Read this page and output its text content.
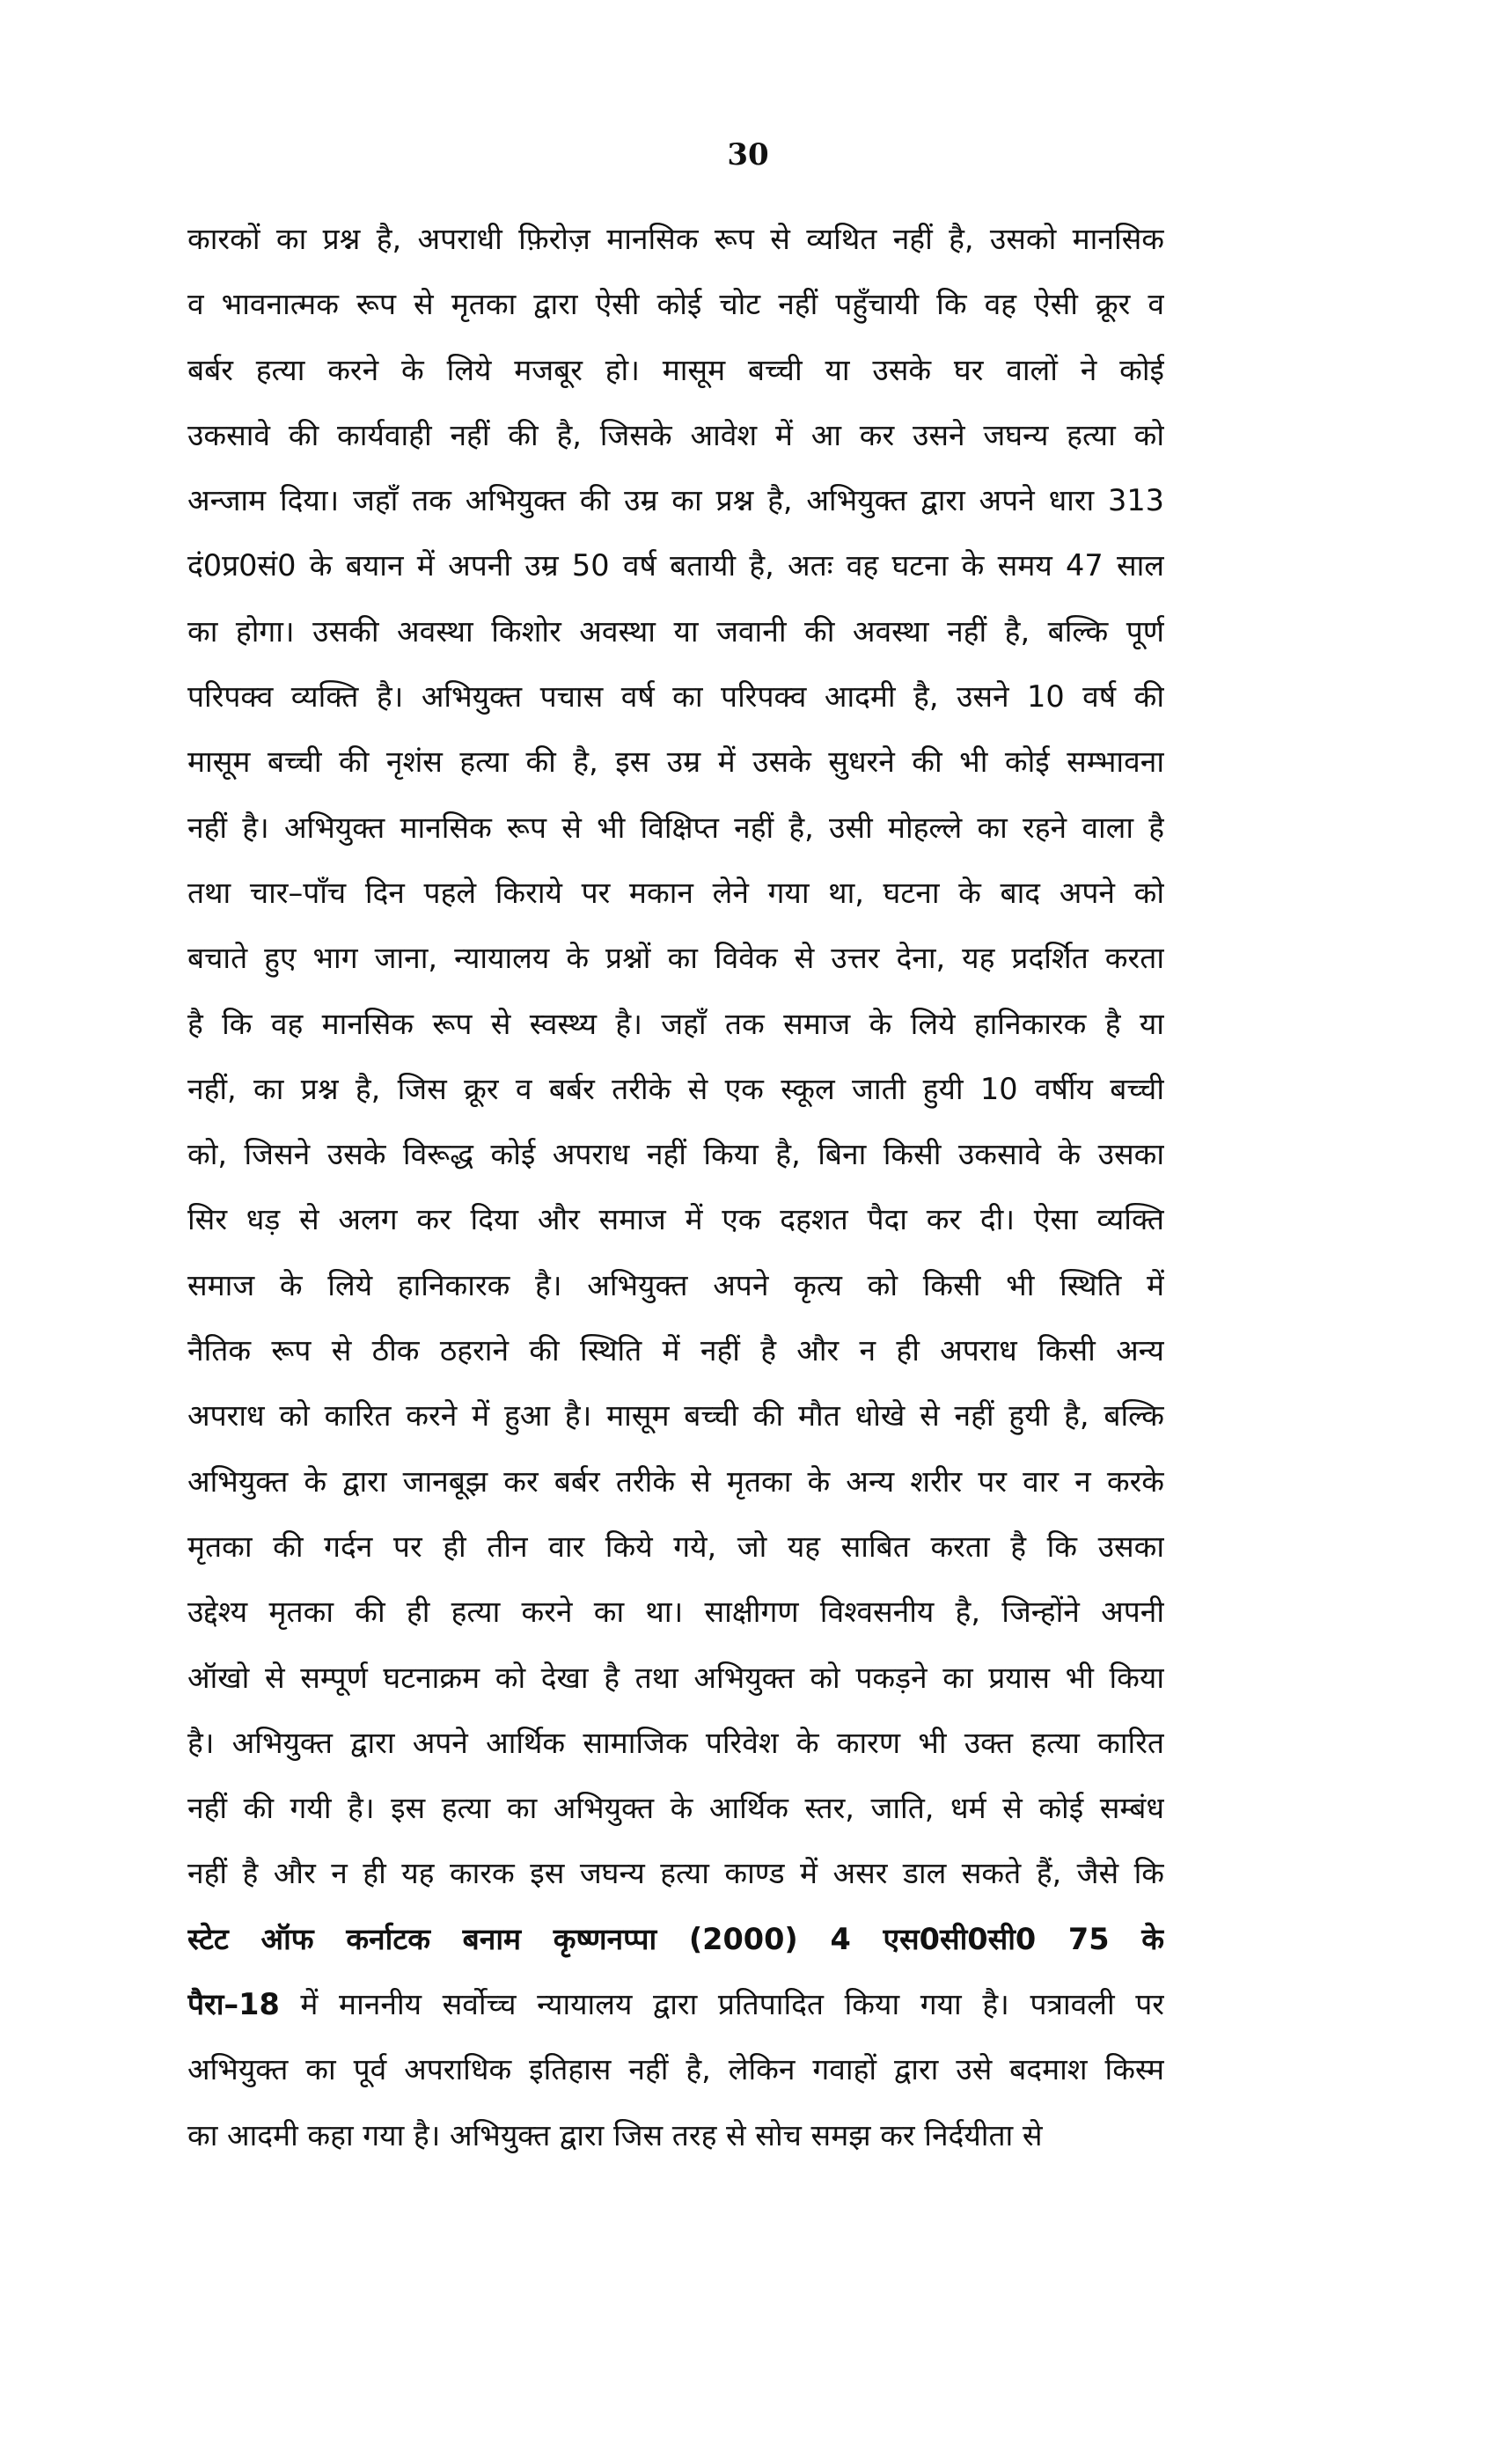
30
कारकों का प्रश्न है, अपराधी फ़िरोज़ मानसिक रूप से व्यथित नहीं है, उसको मानसिक
व भावनात्मक रूप से मृतका द्वारा ऐसी कोई चोट नहीं पहुँचायी कि वह ऐसी क्रूर व
बर्बर हत्या करने के लिये मजबूर हो। मासूम बच्ची या उसके घर वालों ने कोई
उकसावे की कार्यवाही नहीं की है, जिसके आवेश में आ कर उसने जघन्य हत्या को
अन्जाम दिया। जहॉं तक अभियुक्त की उम्र का प्रश्न है, अभियुक्त द्वारा अपने धारा 313
दं0प्र0सं0 के बयान में अपनी उम्र 50 वर्ष बतायी है, अतः वह घटना के समय 47 साल
का होगा। उसकी अवस्था किशोर अवस्था या जवानी की अवस्था नहीं है, बल्कि पूर्ण
परिपक्व व्यक्ति है। अभियुक्त पचास वर्ष का परिपक्व आदमी है, उसने 10 वर्ष की
मासूम बच्ची की नृशंस हत्या की है, इस उम्र में उसके सुधरने की भी कोई सम्भावना
नहीं है। अभियुक्त मानसिक रूप से भी विक्षिप्त नहीं है, उसी मोहल्ले का रहने वाला है
तथा चार–पॉंच दिन पहले किराये पर मकान लेने गया था, घटना के बाद अपने को
बचाते हुए भाग जाना, न्यायालय के प्रश्नों का विवेक से उत्तर देना, यह प्रदर्शित करता
है कि वह मानसिक रूप से स्वस्थ्य है। जहॉं तक समाज के लिये हानिकारक है या
नहीं, का प्रश्न है, जिस क्रूर व बर्बर तरीके से एक स्कूल जाती हुयी 10 वर्षीय बच्ची
को, जिसने उसके विरूद्ध कोई अपराध नहीं किया है, बिना किसी उकसावे के उसका
सिर धड़ से अलग कर दिया और समाज में एक दहशत पैदा कर दी। ऐसा व्यक्ति
समाज के लिये हानिकारक है। अभियुक्त अपने कृत्य को किसी भी स्थिति में
नैतिक रूप से ठीक ठहराने की स्थिति में नहीं है और न ही अपराध किसी अन्य
अपराध को कारित करने में हुआ है। मासूम बच्ची की मौत धोखे से नहीं हुयी है, बल्कि
अभियुक्त के द्वारा जानबूझ कर बर्बर तरीके से मृतका के अन्य शरीर पर वार न करके
मृतका की गर्दन पर ही तीन वार किये गये, जो यह साबित करता है कि उसका
उद्देश्य मृतका की ही हत्या करने का था। साक्षीगण विश्वसनीय है, जिन्होंने अपनी
ऑखो से सम्पूर्ण घटनाक्रम को देखा है तथा अभियुक्त को पकड़ने का प्रयास भी किया
है। अभियुक्त द्वारा अपने आर्थिक सामाजिक परिवेश के कारण भी उक्त हत्या कारित
नहीं की गयी है। इस हत्या का अभियुक्त के आर्थिक स्तर, जाति, धर्म से कोई सम्बंध
नहीं है और न ही यह कारक इस जघन्य हत्या काण्ड में असर डाल सकते हैं, जैसे कि
स्टेट ऑफ कर्नाटक बनाम कृष्णनप्पा (2000) 4 एस0सी0सी0 75 के
पैरा–18 में माननीय सर्वोच्च न्यायालय द्वारा प्रतिपादित किया गया है। पत्रावली पर
अभियुक्त का पूर्व अपराधिक इतिहास नहीं है, लेकिन गवाहों द्वारा उसे बदमाश किस्म
का आदमी कहा गया है। अभियुक्त द्वारा जिस तरह से सोच समझ कर निर्दयीता से
